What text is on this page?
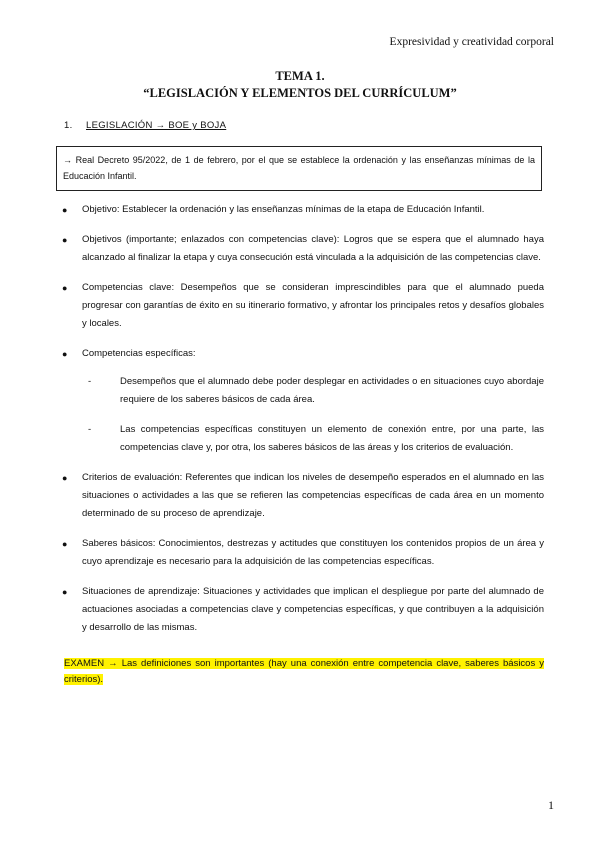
Expresividad y creatividad corporal
TEMA 1.
“LEGISLACIÓN Y ELEMENTOS DEL CURRÍCULUM”
1. LEGISLACIÓN → BOE y BOJA
→ Real Decreto 95/2022, de 1 de febrero, por el que se establece la ordenación y las enseñanzas mínimas de la Educación Infantil.
● Objetivo: Establecer la ordenación y las enseñanzas mínimas de la etapa de Educación Infantil.
● Objetivos (importante; enlazados con competencias clave): Logros que se espera que el alumnado haya alcanzado al finalizar la etapa y cuya consecución está vinculada a la adquisición de las competencias clave.
● Competencias clave: Desempeños que se consideran imprescindibles para que el alumnado pueda progresar con garantías de éxito en su itinerario formativo, y afrontar los principales retos y desafíos globales y locales.
● Competencias específicas:
-	Desempeños que el alumnado debe poder desplegar en actividades o en situaciones cuyo abordaje requiere de los saberes básicos de cada área.
-	Las competencias específicas constituyen un elemento de conexión entre, por una parte, las competencias clave y, por otra, los saberes básicos de las áreas y los criterios de evaluación.
● Criterios de evaluación: Referentes que indican los niveles de desempeño esperados en el alumnado en las situaciones o actividades a las que se refieren las competencias específicas de cada área en un momento determinado de su proceso de aprendizaje.
● Saberes básicos: Conocimientos, destrezas y actitudes que constituyen los contenidos propios de un área y cuyo aprendizaje es necesario para la adquisición de las competencias específicas.
● Situaciones de aprendizaje: Situaciones y actividades que implican el despliegue por parte del alumnado de actuaciones asociadas a competencias clave y competencias específicas, y que contribuyen a la adquisición y desarrollo de las mismas.
EXAMEN → Las definiciones son importantes (hay una conexión entre competencia clave, saberes básicos y criterios).
1
